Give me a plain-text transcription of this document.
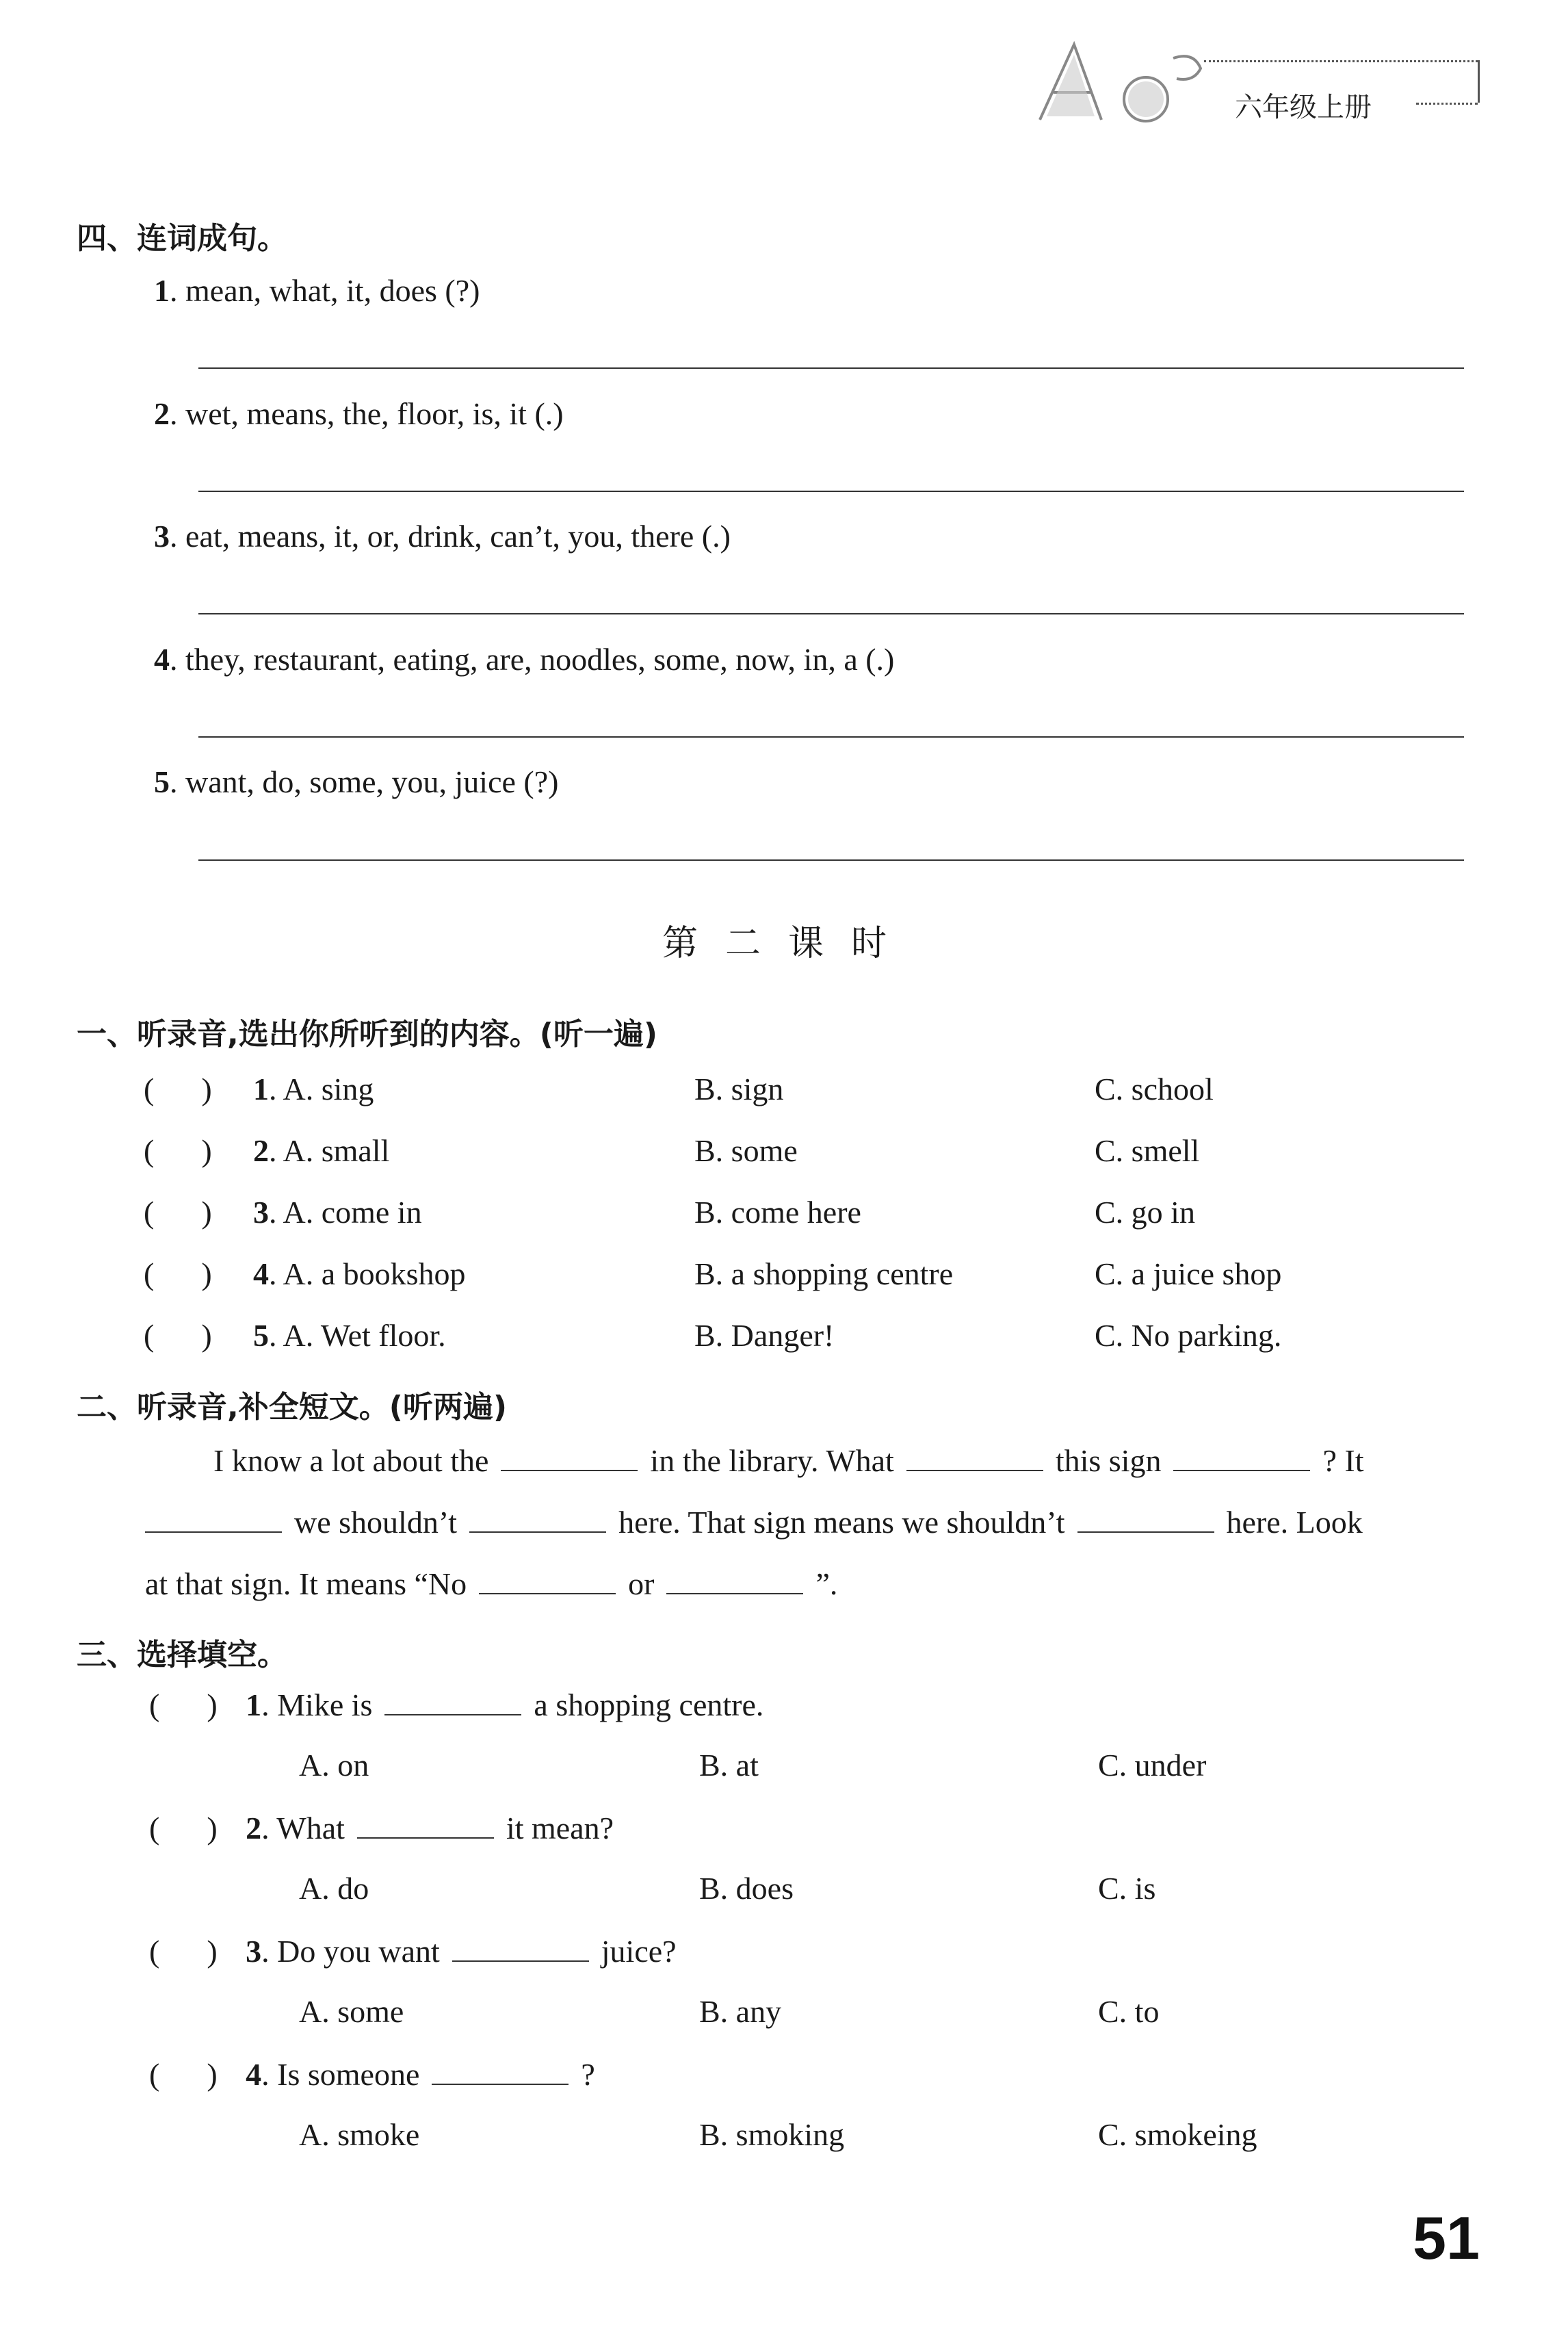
六年级上册
四、连词成句。
1. mean, what, it, does (?)
2. wet, means, the, floor, is, it (.)
3. eat, means, it, or, drink, can’t, you, there (.)
4. they, restaurant, eating, are, noodles, some, now, in, a (.)
5. want, do, some, you, juice (?)
第二课时
一、听录音,选出你所听到的内容。(听一遍)
(      ) 1. A. sing	B. sign	C. school
(      ) 2. A. small	B. some	C. smell
(      ) 3. A. come in	B. come here	C. go in
(      ) 4. A. a bookshop	B. a shopping centre	C. a juice shop
(      ) 5. A. Wet floor.	B. Danger!	C. No parking.
二、听录音,补全短文。(听两遍)
I know a lot about the	in the library. What	this sign	? It
we shouldn’t	here. That sign means we shouldn’t	here. Look
at that sign. It means “No	or	”.
三、选择填空。
(      ) 1. Mike is	a shopping centre.
A. on	B. at	C. under
(      ) 2. What	it mean?
A. do	B. does	C. is
(      ) 3. Do you want	juice?
A. some	B. any	C. to
(      ) 4. Is someone	?
A. smoke	B. smoking	C. smokeing
51
